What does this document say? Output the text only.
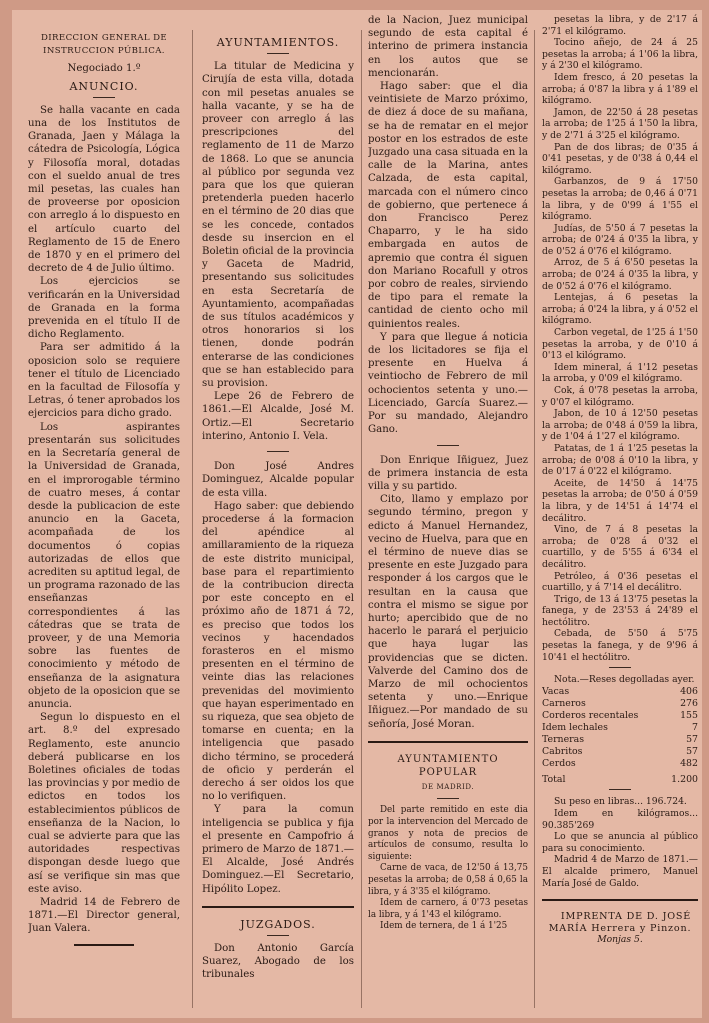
DIRECCION GENERAL DE INSTRUCCION PÚBLICA.

Negociado 1.º

ANUNCIO.

Se halla vacante en cada una de los Institutos de Granada, Jaen y Málaga la cátedra de Psicología, Lógica y Filosofía moral, dotadas con el sueldo anual de tres mil pesetas, las cuales han de proveerse por oposicion con arreglo á lo dispuesto en el artículo cuarto del Reglamento de 15 de Enero de 1870 y en el primero del decreto de 4 de Julio último.

Los ejercicios se verificarán en la Universidad de Granada en la forma prevenida en el título II de dicho Reglamento.

Para ser admitido á la oposicion solo se requiere tener el título de Licenciado en la facultad de Filosofía y Letras, ó tener aprobados los ejercicios para dicho grado.

Los aspirantes presentarán sus solicitudes en la Secretaría general de la Universidad de Granada, en el improrogable término de cuatro meses, á contar desde la publicacion de este anuncio en la Gaceta, acompañada de los documentos ó copias autorizadas de ellos que acrediten su aptitud legal, de un programa razonado de las enseñanzas correspondientes á las cátedras que se trata de proveer, y de una Memoria sobre las fuentes de conocimiento y método de enseñanza de la asignatura objeto de la oposicion que se anuncia.

Segun lo dispuesto en el art. 8.º del expresado Reglamento, este anuncio deberá publicarse en los Boletines oficiales de todas las provincias y por medio de edictos en todos los establecimientos públicos de enseñanza de la Nacion, lo cual se advierte para que las autoridades respectivas dispongan desde luego que así se verifique sin mas que este aviso.

Madrid 14 de Febrero de 1871.—El Director general, Juan Valera.

AYUNTAMIENTOS.

La titular de Medicina y Cirujía de esta villa, dotada con mil pesetas anuales se halla vacante, y se ha de proveer con arreglo á las prescripciones del reglamento de 11 de Marzo de 1868. Lo que se anuncia al público por segunda vez para que los que quieran pretenderla pueden hacerlo en el término de 20 dias que se les concede, contados desde su insercion en el Boletin oficial de la provincia y Gaceta de Madrid, presentando sus solicitudes en esta Secretaría de Ayuntamiento, acompañadas de sus títulos académicos y otros honorarios si los tienen, donde podrán enterarse de las condiciones que se han establecido para su provision.

Lepe 26 de Febrero de 1861.—El Alcalde, José M. Ortiz.—El Secretario interino, Antonio I. Vela.

Don José Andres Dominguez, Alcalde popular de esta villa.

Hago saber: que debiendo procederse á la formacion del apéndice al amillaramiento de la riqueza de este distrito municipal, base para el repartimiento de la contribucion directa por este concepto en el próximo año de 1871 á 72, es preciso que todos los vecinos y hacendados forasteros en el mismo presenten en el término de veinte dias las relaciones prevenidas del movimiento que hayan esperimentado en su riqueza, que sea objeto de tomarse en cuenta; en la inteligencia que pasado dicho término, se procederá de oficio y perderán el derecho á ser oidos los que no lo verifiquen.

Y para la comun inteligencia se publica y fija el presente en Campofrio á primero de Marzo de 1871.—El Alcalde, José Andrés Dominguez.—El Secretario, Hipólito Lopez.

JUZGADOS.

Don Antonio García Suarez, Abogado de los tribunales

de la Nacion, Juez municipal segundo de esta capital é interino de primera instancia en los autos que se mencionarán.

Hago saber: que el dia veintisiete de Marzo próximo, de diez á doce de su mañana, se ha de rematar en el mejor postor en los estrados de este Juzgado una casa situada en la calle de la Marina, antes Calzada, de esta capital, marcada con el número cinco de gobierno, que pertenece á don Francisco Perez Chaparro, y le ha sido embargada en autos de apremio que contra él siguen don Mariano Rocafull y otros por cobro de reales, sirviendo de tipo para el remate la cantidad de ciento ocho mil quinientos reales.

Y para que llegue á noticia de los licitadores se fija el presente en Huelva á veintiocho de Febrero de mil ochocientos setenta y uno.—Licenciado, García Suarez.—Por su mandado, Alejandro Gano.

Don Enrique Iñiguez, Juez de primera instancia de esta villa y su partido.

Cito, llamo y emplazo por segundo término, pregon y edicto á Manuel Hernandez, vecino de Huelva, para que en el término de nueve dias se presente en este Juzgado para responder á los cargos que le resultan en la causa que contra el mismo se sigue por hurto; apercibido que de no hacerlo le parará el perjuicio que haya lugar las providencias que se dicten. Valverde del Camino dos de Marzo de mil ochocientos setenta y uno.—Enrique Iñiguez.—Por mandado de su señoría, José Moran.

AYUNTAMIENTO POPULAR

DE MADRID.

Del parte remitido en este dia por la intervencion del Mercado de granos y nota de precios de artículos de consumo, resulta lo siguiente:

Carne de vaca, de 12'50 á 13,75 pesetas la arroba; de 0,58 á 0,65 la libra, y á 3'35 el kilógramo.

Idem de carnero, á 0'73 pesetas la libra, y á 1'43 el kilógramo.

Idem de ternera, de 1 á 1'25

pesetas la libra, y de 2'17 á 2'71 el kilógramo.

Tocino añejo, de 24 á 25 pesetas la arroba; á 1'06 la libra, y á 2'30 el kilógramo.

Idem fresco, á 20 pesetas la arroba; á 0'87 la libra y á 1'89 el kilógramo.

Jamon, de 22'50 á 28 pesetas la arroba; de 1'25 á 1'50 la libra, y de 2'71 á 3'25 el kilógramo.

Pan de dos libras; de 0'35 á 0'41 pesetas, y de 0'38 á 0,44 el kilógramo.

Garbanzos, de 9 á 17'50 pesetas la arroba; de 0,46 á 0'71 la libra, y de 0'99 á 1'55 el kilógramo.

Judías, de 5'50 á 7 pesetas la arroba; de 0'24 á 0'35 la libra, y de 0'52 á 0'76 el kilógramo.

Arroz, de 5 á 6'50 pesetas la arroba; de 0'24 á 0'35 la libra, y de 0'52 á 0'76 el kilógramo.

Lentejas, á 6 pesetas la arroba; á 0'24 la libra, y á 0'52 el kilógramo.

Carbon vegetal, de 1'25 á 1'50 pesetas la arroba, y de 0'10 á 0'13 el kilógramo.

Idem mineral, á 1'12 pesetas la arroba, y 0'09 el kilógramo.

Cok, á 0'78 pesetas la arroba, y 0'07 el kilógramo.

Jabon, de 10 á 12'50 pesetas la arroba; de 0'48 á 0'59 la libra, y de 1'04 á 1'27 el kilógramo.

Patatas, de 1 á 1'25 pesetas la arroba; de 0'08 á 0'10 la libra, y de 0'17 á 0'22 el kilógramo.

Aceite, de 14'50 á 14'75 pesetas la arroba; de 0'50 á 0'59 la libra, y de 14'51 á 14'74 el decálitro.

Vino, de 7 á 8 pesetas la arroba; de 0'28 á 0'32 el cuartillo, y de 5'55 á 6'34 el decálitro.

Petróleo, á 0'36 pesetas el cuartillo, y á 7'14 el decálitro.

Trigo, de 13 á 13'75 pesetas la fanega, y de 23'53 á 24'89 el hectólitro.

Cebada, de 5'50 á 5'75 pesetas la fanega, y de 9'96 á 10'41 el hectólitro.

Nota.—Reses degolladas ayer.

Vacas	406
Carneros	276
Corderos recentales	155
Idem lechales	7
Terneras	57
Cabritos	57
Cerdos	482
Total	1.200

Su peso en libras... 196.724.

Idem en kilógramos... 90.385'269

Lo que se anuncia al público para su conocimiento.

Madrid 4 de Marzo de 1871.—El alcalde primero, Manuel María José de Galdo.

IMPRENTA DE D. JOSÉ MARÍA Herrera y Pinzon.

Monjas 5.
